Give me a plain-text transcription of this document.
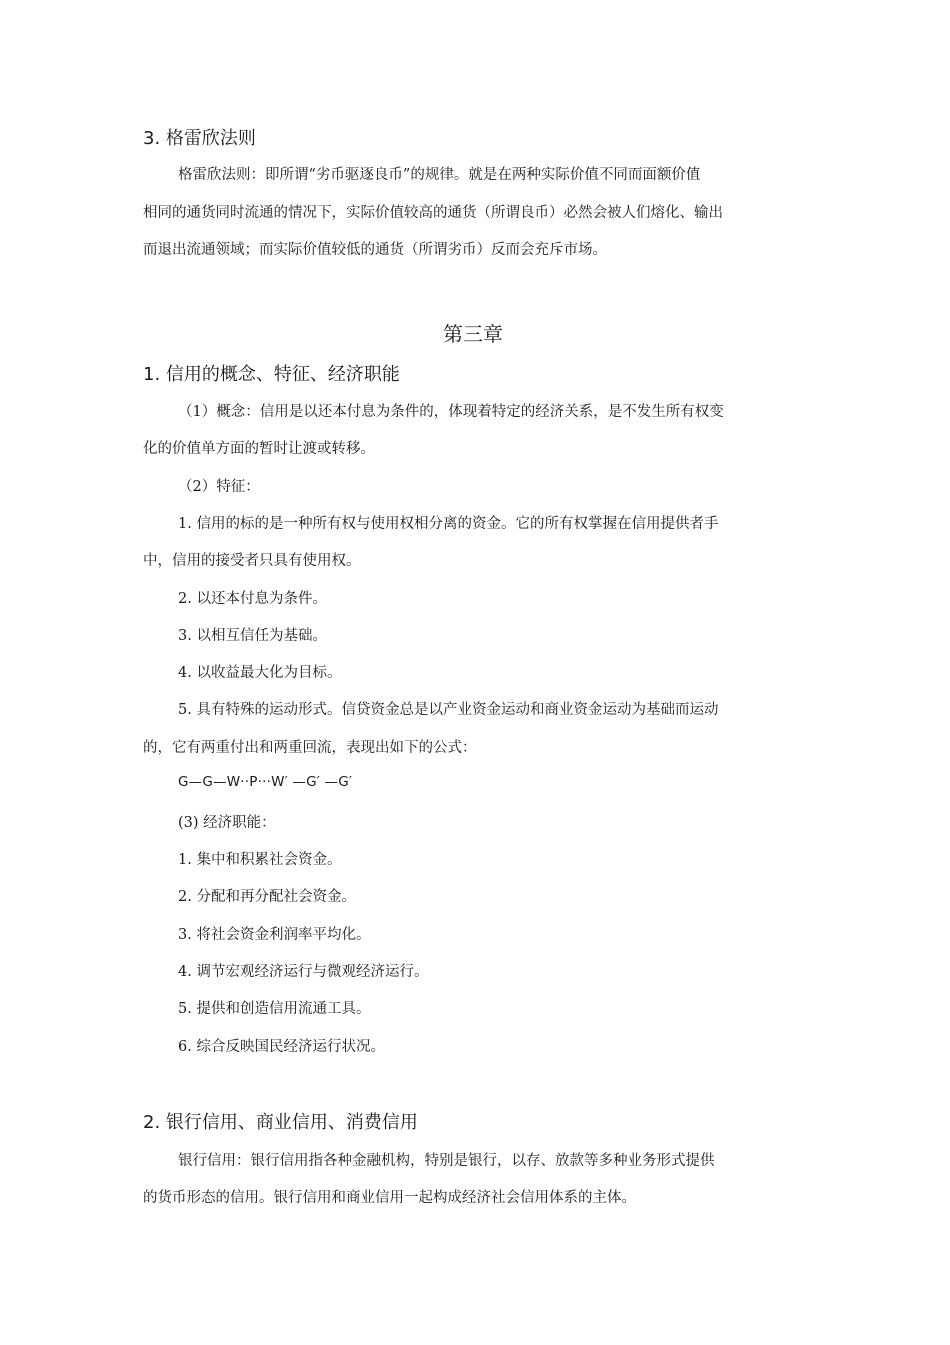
3. 格雷欣法则
格雷欣法则：即所谓“劣币驱逐良币”的规律。就是在两种实际价值不同而面额价值
相同的通货同时流通的情况下，实际价值较高的通货（所谓良币）必然会被人们熔化、输出
而退出流通领域；而实际价值较低的通货（所谓劣币）反而会充斥市场。
第三章
1. 信用的概念、特征、经济职能
（1）概念：信用是以还本付息为条件的，体现着特定的经济关系，是不发生所有权变
化的价值单方面的暂时让渡或转移。
（2）特征：
1. 信用的标的是一种所有权与使用权相分离的资金。它的所有权掌握在信用提供者手
中，信用的接受者只具有使用权。
2. 以还本付息为条件。
3. 以相互信任为基础。
4. 以收益最大化为目标。
5. 具有特殊的运动形式。信贷资金总是以产业资金运动和商业资金运动为基础而运动
的，它有两重付出和两重回流，表现出如下的公式：
G—G—W··P···W′ —G′ —G′
(3) 经济职能：
1. 集中和积累社会资金。
2. 分配和再分配社会资金。
3. 将社会资金利润率平均化。
4. 调节宏观经济运行与微观经济运行。
5. 提供和创造信用流通工具。
6. 综合反映国民经济运行状况。
2. 银行信用、商业信用、消费信用
银行信用：银行信用指各种金融机构，特别是银行，以存、放款等多种业务形式提供
的货币形态的信用。银行信用和商业信用一起构成经济社会信用体系的主体。
